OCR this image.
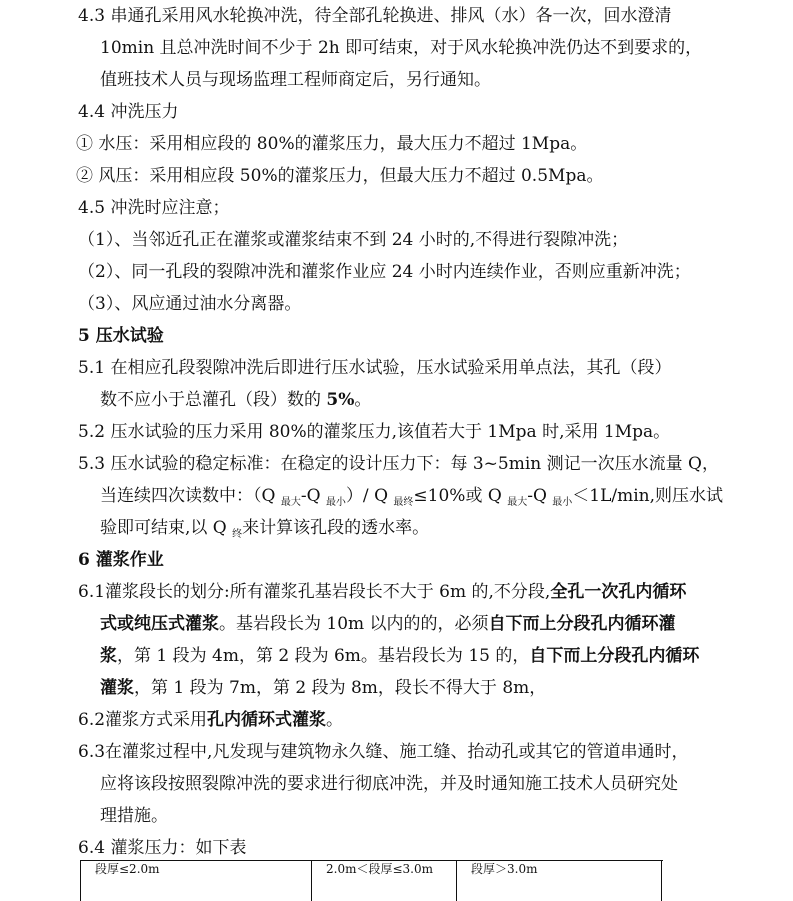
4.3 串通孔采用风水轮换冲洗，待全部孔轮换进、排风（水）各一次，回水澄清
10min 且总冲洗时间不少于 2h 即可结束，对于风水轮换冲洗仍达不到要求的，
值班技术人员与现场监理工程师商定后，另行通知。
4.4 冲洗压力
① 水压：采用相应段的 80%的灌浆压力，最大压力不超过 1Mpa。
② 风压：采用相应段 50%的灌浆压力，但最大压力不超过 0.5Mpa。
4.5 冲洗时应注意；
（1）、当邻近孔正在灌浆或灌浆结束不到 24 小时的,不得进行裂隙冲洗；
（2）、同一孔段的裂隙冲洗和灌浆作业应 24 小时内连续作业，否则应重新冲洗；
（3）、风应通过油水分离器。
5 压水试验
5.1 在相应孔段裂隙冲洗后即进行压水试验，压水试验采用单点法，其孔（段）
数不应小于总灌孔（段）数的 5%。
5.2 压水试验的压力采用 80%的灌浆压力,该值若大于 1Mpa 时,采用 1Mpa。
5.3 压水试验的稳定标准：在稳定的设计压力下：每 3~5min 测记一次压水流量 Q，
当连续四次读数中：（Q $_{最大}$-Q $_{最小}$）/ Q $_{最终}$≤10%或 Q $_{最大}$-Q $_{最小}$＜1L/min,则压水试
验即可结束,以 Q $_终$来计算该孔段的透水率。
6 灌浆作业
6.1灌浆段长的划分:所有灌浆孔基岩段长不大于 6m 的,不分段,全孔一次孔内循环
式或纯压式灌浆。基岩段长为 10m 以内的的，必须自下而上分段孔内循环灌
浆，第 1 段为 4m，第 2 段为 6m。基岩段长为 15 的，自下而上分段孔内循环
灌浆，第 1 段为 7m，第 2 段为 8m，段长不得大于 8m，
6.2灌浆方式采用孔内循环式灌浆。
6.3在灌浆过程中,凡发现与建筑物永久缝、施工缝、抬动孔或其它的管道串通时，
应将该段按照裂隙冲洗的要求进行彻底冲洗，并及时通知施工技术人员研究处
理措施。
6.4 灌浆压力：如下表
段厚≤2.0m	2.0m＜段厚≤3.0m	段厚＞3.0m
